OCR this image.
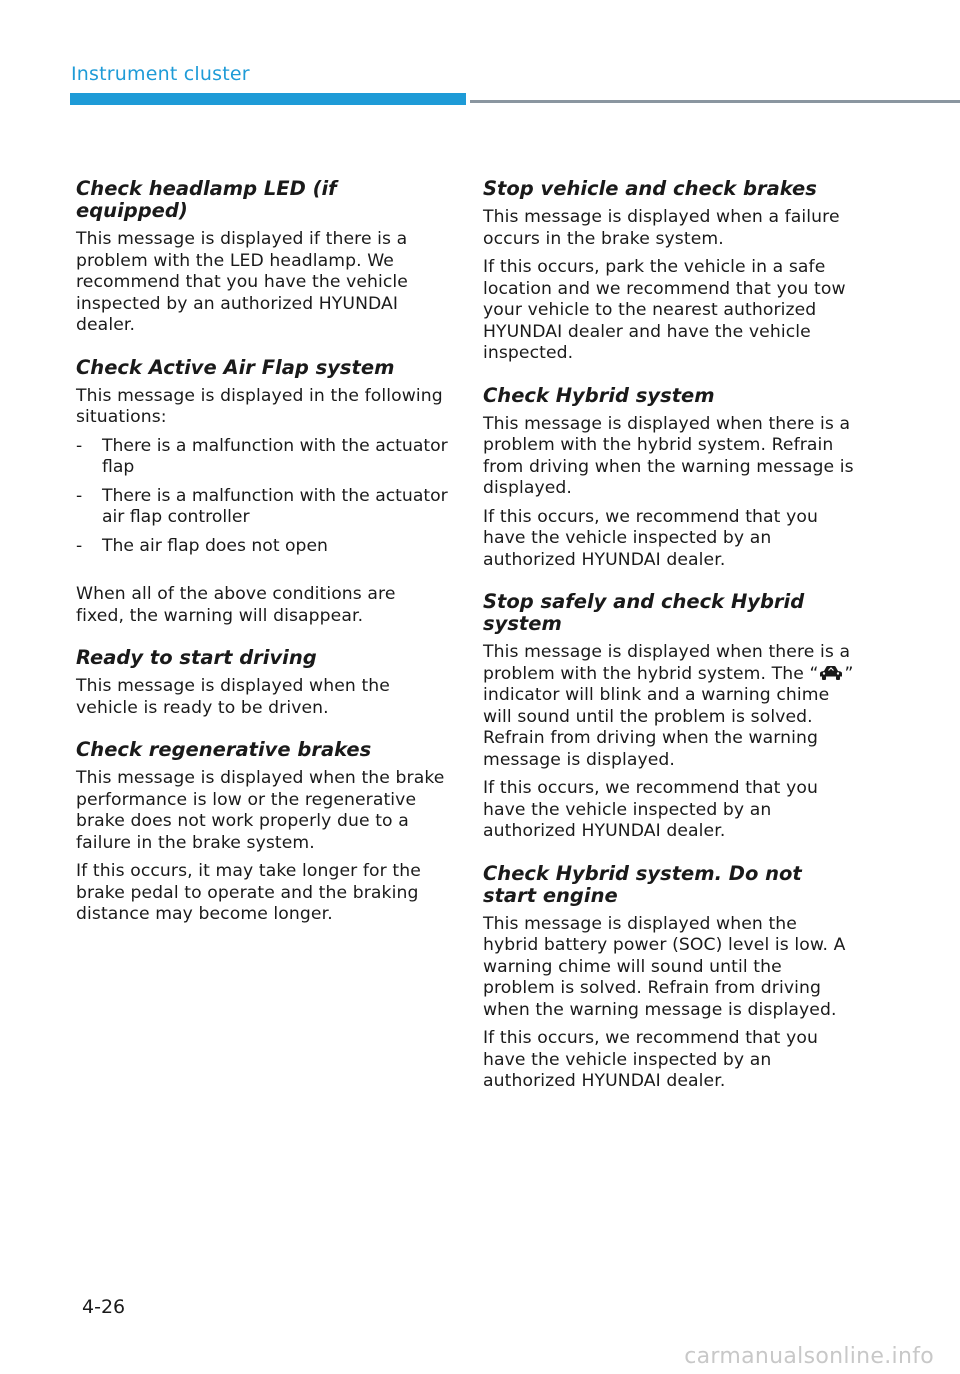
Instrument cluster
Check headlamp LED (if equipped)

This message is displayed if there is a problem with the LED headlamp. We recommend that you have the vehicle inspected by an authorized HYUNDAI dealer.

Check Active Air Flap system

This message is displayed in the following situations:

- There is a malfunction with the actuator flap
- There is a malfunction with the actuator air flap controller
- The air flap does not open

When all of the above conditions are fixed, the warning will disappear.

Ready to start driving

This message is displayed when the vehicle is ready to be driven.

Check regenerative brakes

This message is displayed when the brake performance is low or the regenerative brake does not work properly due to a failure in the brake system.

If this occurs, it may take longer for the brake pedal to operate and the braking distance may become longer.

Stop vehicle and check brakes

This message is displayed when a failure occurs in the brake system.

If this occurs, park the vehicle in a safe location and we recommend that you tow your vehicle to the nearest authorized HYUNDAI dealer and have the vehicle inspected.

Check Hybrid system

This message is displayed when there is a problem with the hybrid system. Refrain from driving when the warning message is displayed.

If this occurs, we recommend that you have the vehicle inspected by an authorized HYUNDAI dealer.

Stop safely and check Hybrid system

This message is displayed when there is a problem with the hybrid system. The “ ” indicator will blink and a warning chime will sound until the problem is solved. Refrain from driving when the warning message is displayed.

If this occurs, we recommend that you have the vehicle inspected by an authorized HYUNDAI dealer.

Check Hybrid system. Do not start engine

This message is displayed when the hybrid battery power (SOC) level is low. A warning chime will sound until the problem is solved. Refrain from driving when the warning message is displayed.

If this occurs, we recommend that you have the vehicle inspected by an authorized HYUNDAI dealer.

4-26
carmanualsonline.info
